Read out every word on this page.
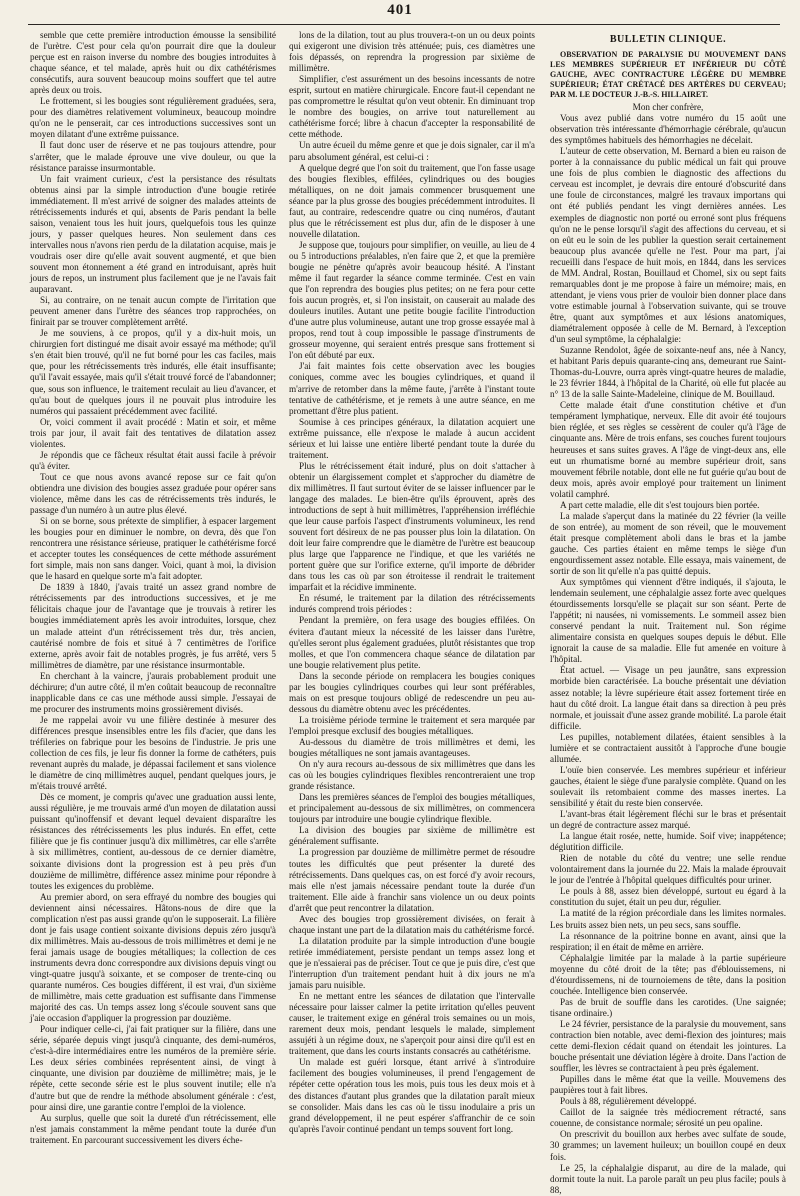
401

semble que cette première introduction émousse la sensibilité de l'urètre. C'est pour cela qu'on pourrait dire que la douleur perçue est en raison inverse du nombre des bougies introduites à chaque séance, et tel malade, après huit ou dix cathétérismes consécutifs, aura souvent beaucoup moins souffert que tel autre après deux ou trois.

Le frottement, si les bougies sont régulièrement graduées, sera, pour des diamètres relativement volumineux, beaucoup moindre qu'on ne le penserait, car ces introductions successives sont un moyen dilatant d'une extrême puissance.

Il faut donc user de réserve et ne pas toujours attendre, pour s'arrêter, que le malade éprouve une vive douleur, ou que la résistance paraisse insurmontable.

Un fait vraiment curieux, c'est la persistance des résultats obtenus ainsi par la simple introduction d'une bougie retirée immédiatement. Il m'est arrivé de soigner des malades atteints de rétrécissements indurés et qui, absents de Paris pendant la belle saison, venaient tous les huit jours, quelquefois tous les quinze jours, y passer quelques heures. Non seulement dans ces intervalles nous n'avons rien perdu de la dilatation acquise, mais je voudrais oser dire qu'elle avait souvent augmenté, et que bien souvent mon étonnement a été grand en introduisant, après huit jours de repos, un instrument plus facilement que je ne l'avais fait auparavant.

Si, au contraire, on ne tenait aucun compte de l'irritation que peuvent amener dans l'urètre des séances trop rapprochées, on finirait par se trouver complètement arrêté.

Je me souviens, à ce propos, qu'il y a dix-huit mois, un chirurgien fort distingué me disait avoir essayé ma méthode; qu'il s'en était bien trouvé, qu'il ne fut borné pour les cas faciles, mais que, pour les rétrécissements très indurés, elle était insuffisante; qu'il l'avait essayée, mais qu'il s'était trouvé forcé de l'abandonner; que, sous son influence, le traitement reculait au lieu d'avancer, et qu'au bout de quelques jours il ne pouvait plus introduire les numéros qui passaient précédemment avec facilité.

Or, voici comment il avait procédé : Matin et soir, et même trois par jour, il avait fait des tentatives de dilatation assez violentes.

Je répondis que ce fâcheux résultat était aussi facile à prévoir qu'à éviter.

Tout ce que nous avons avancé repose sur ce fait qu'on obtiendra une division des bougies assez graduée pour opérer sans violence, même dans les cas de rétrécissements très indurés, le passage d'un numéro à un autre plus élevé.

Si on se borne, sous prétexte de simplifier, à espacer largement les bougies pour en diminuer le nombre, on devra, dès que l'on rencontrera une résistance sérieuse, pratiquer le cathétérisme forcé et accepter toutes les conséquences de cette méthode assurément fort simple, mais non sans danger. Voici, quant à moi, la division que le hasard en quelque sorte m'a fait adopter.

De 1839 à 1840, j'avais traité un assez grand nombre de rétrécissements par des introductions successives, et je me félicitais chaque jour de l'avantage que je trouvais à retirer les bougies immédiatement après les avoir introduites, lorsque, chez un malade atteint d'un rétrécissement très dur, très ancien, cautérisé nombre de fois et situé à 7 centimètres de l'orifice externe, après avoir fait de notables progrès, je fus arrêté, vers 5 millimètres de diamètre, par une résistance insurmontable.

En cherchant à la vaincre, j'aurais probablement produit une déchirure; d'un autre côté, il m'en coûtait beaucoup de reconnaître inapplicable dans ce cas une méthode aussi simple. J'essayai de me procurer des instruments moins grossièrement divisés.

Je me rappelai avoir vu une filière destinée à mesurer des différences presque insensibles entre les fils d'acier, que dans les tréfileries on fabrique pour les besoins de l'industrie. Je pris une collection de ces fils, je leur fis donner la forme de cathéters, puis revenant auprès du malade, je dépassai facilement et sans violence le diamètre de cinq millimètres auquel, pendant quelques jours, je m'étais trouvé arrêté.

Dès ce moment, je compris qu'avec une graduation aussi lente, aussi régulière, je me trouvais armé d'un moyen de dilatation aussi puissant qu'inoffensif et devant lequel devaient disparaître les résistances des rétrécissements les plus indurés. En effet, cette filière que je fis continuer jusqu'à dix millimètres, car elle s'arrête à six millimètres, contient, au-dessous de ce dernier diamètre, soixante divisions dont la progression est à peu près d'un douzième de millimètre, différence assez minime pour répondre à toutes les exigences du problème.

Au premier abord, on sera effrayé du nombre des bougies qui deviennent ainsi nécessaires. Hâtons-nous de dire que la complication n'est pas aussi grande qu'on le supposerait. La filière dont je fais usage contient soixante divisions depuis zéro jusqu'à dix millimètres. Mais au-dessous de trois millimètres et demi je ne ferai jamais usage de bougies métalliques; la collection de ces instruments devra donc correspondre aux divisions depuis vingt ou vingt-quatre jusqu'à soixante, et se composer de trente-cinq ou quarante numéros. Ces bougies différent, il est vrai, d'un sixième de millimètre, mais cette graduation est suffisante dans l'immense majorité des cas. Un temps assez long s'écoule souvent sans que j'aie occasion d'appliquer la progression par douzième.

Pour indiquer celle-ci, j'ai fait pratiquer sur la filière, dans une série, séparée depuis vingt jusqu'à cinquante, des demi-numéros, c'est-à-dire intermédiaires entre les numéros de la première série. Les deux séries combinées représentent ainsi, de vingt à cinquante, une division par douzième de millimètre; mais, je le répète, cette seconde série est le plus souvent inutile; elle n'a d'autre but que de rendre la méthode absolument générale : c'est, pour ainsi dire, une garantie contre l'emploi de la violence.

Au surplus, quelle que soit la dureté d'un rétrécissement, elle n'est jamais constamment la même pendant toute la durée d'un traitement. En parcourant successivement les divers éche-

lons de la dilation, tout au plus trouvera-t-on un ou deux points qui exigeront une division très atténuée; puis, ces diamètres une fois dépassés, on reprendra la progression par sixième de millimètre.

Simplifier, c'est assurément un des besoins incessants de notre esprit, surtout en matière chirurgicale. Encore faut-il cependant ne pas compromettre le résultat qu'on veut obtenir. En diminuant trop le nombre des bougies, on arrive tout naturellement au cathétérisme forcé; libre à chacun d'accepter la responsabilité de cette méthode.

Un autre écueil du même genre et que je dois signaler, car il m'a paru absolument général, est celui-ci :

A quelque degré que l'on soit du traitement, que l'on fasse usage des bougies flexibles, effilées, cylindriques ou des bougies métalliques, on ne doit jamais commencer brusquement une séance par la plus grosse des bougies précédemment introduites. Il faut, au contraire, redescendre quatre ou cinq numéros, d'autant plus que le rétrécissement est plus dur, afin de le disposer à une nouvelle dilatation.

Je suppose que, toujours pour simplifier, on veuille, au lieu de 4 ou 5 introductions préalables, n'en faire que 2, et que la première bougie ne pénètre qu'après avoir beaucoup hésité. A l'instant même il faut regarder la séance comme terminée. C'est en vain que l'on reprendra des bougies plus petites; on ne fera pour cette fois aucun progrès, et, si l'on insistait, on causerait au malade des douleurs inutiles. Autant une petite bougie facilite l'introduction d'une autre plus volumineuse, autant une trop grosse essayée mal à propos, rend tout à coup impossible le passage d'instruments de grosseur moyenne, qui seraient entrés presque sans frottement si l'on eût débuté par eux.

J'ai fait maintes fois cette observation avec les bougies coniques, comme avec les bougies cylindriques, et quand il m'arrive de retomber dans la même faute, j'arrête à l'instant toute tentative de cathétérisme, et je remets à une autre séance, en me promettant d'être plus patient.

Soumise à ces principes généraux, la dilatation acquiert une extrême puissance, elle n'expose le malade à aucun accident sérieux et lui laisse une entière liberté pendant toute la durée du traitement.

Plus le rétrécissement était induré, plus on doit s'attacher à obtenir un élargissement complet et s'approcher du diamètre de dix millimètres. Il faut surtout éviter de se laisser influencer par le langage des malades. Le bien-être qu'ils éprouvent, après des introductions de sept à huit millimètres, l'appréhension irréfléchie que leur cause parfois l'aspect d'instruments volumineux, les rend souvent fort désireux de ne pas pousser plus loin la dilatation. On doit leur faire comprendre que le diamètre de l'urètre est beaucoup plus large que l'apparence ne l'indique, et que les variétés ne portent guère que sur l'orifice externe, qu'il importe de débrider dans tous les cas où par son étroitesse il rendrait le traitement imparfait et la récidive imminente.

En résumé, le traitement par la dilation des rétrécissements indurés comprend trois périodes :

Pendant la première, on fera usage des bougies effilées. On évitera d'autant mieux la nécessité de les laisser dans l'urètre, qu'elles seront plus également graduées, plutôt résistantes que trop molles, et que l'on commencera chaque séance de dilatation par une bougie relativement plus petite.

Dans la seconde période on remplacera les bougies coniques par les bougies cylindriques courbes qui leur sont préférables, mais on est presque toujours obligé de redescendre un peu au-dessous du diamètre obtenu avec les précédentes.

La troisième période termine le traitement et sera marquée par l'emploi presque exclusif des bougies métalliques.

Au-dessous du diamètre de trois millimètres et demi, les bougies métalliques ne sont jamais avantageuses.

On n'y aura recours au-dessous de six millimètres que dans les cas où les bougies cylindriques flexibles rencontreraient une trop grande résistance.

Dans les premières séances de l'emploi des bougies métalliques, et principalement au-dessous de six millimètres, on commencera toujours par introduire une bougie cylindrique flexible.

La division des bougies par sixième de millimètre est généralement suffisante.

La progression par douzième de millimètre permet de résoudre toutes les difficultés que peut présenter la dureté des rétrécissements. Dans quelques cas, on est forcé d'y avoir recours, mais elle n'est jamais nécessaire pendant toute la durée d'un traitement. Elle aide à franchir sans violence un ou deux points d'arrêt que peut rencontrer la dilatation.

Avec des bougies trop grossièrement divisées, on ferait à chaque instant une part de la dilatation mais du cathétérisme forcé.

La dilatation produite par la simple introduction d'une bougie retirée immédiatement, persiste pendant un temps assez long et que je n'essaierai pas de préciser. Tout ce que je puis dire, c'est que l'interruption d'un traitement pendant huit à dix jours ne m'a jamais paru nuisible.

En ne mettant entre les séances de dilatation que l'intervalle nécessaire pour laisser calmer la petite irritation qu'elles peuvent causer, le traitement exige en général trois semaines ou un mois, rarement deux mois, pendant lesquels le malade, simplement assujéti à un régime doux, ne s'aperçoit pour ainsi dire qu'il est en traitement, que dans les courts instants consacrés au cathétérisme.

Un malade est guéri lorsque, étant arrivé à s'introduire facilement des bougies volumineuses, il prend l'engagement de répéter cette opération tous les mois, puis tous les deux mois et à des distances d'autant plus grandes que la dilatation paraît mieux se consolider. Mais dans les cas où le tissu inodulaire a pris un grand développement, il ne peut espérer s'affranchir de ce soin qu'après l'avoir continué pendant un temps souvent fort long.

BULLETIN CLINIQUE.
OBSERVATION DE PARALYSIE DU MOUVEMENT DANS LES MEMBRES SUPÉRIEUR ET INFÉRIEUR DU CÔTÉ GAUCHE, AVEC CONTRACTURE LÉGÈRE DU MEMBRE SUPÉRIEUR; ÉTAT CRÉTACÉ DES ARTÈRES DU CERVEAU; PAR M. LE DOCTEUR J.-B.-S. HILLAIRET.

Mon cher confrère,

Vous avez publié dans votre numéro du 15 août une observation très intéressante d'hémorrhagie cérébrale, qu'aucun des symptômes habituels des hémorrhagies ne décelait.

L'auteur de cette observation, M. Bernard a bien eu raison de porter à la connaissance du public médical un fait qui prouve une fois de plus combien le diagnostic des affections du cerveau est incomplet, je devrais dire entouré d'obscurité dans une foule de circonstances, malgré les travaux importans qui ont été publiés pendant les vingt dernières années. Les exemples de diagnostic non porté ou erroné sont plus fréquens qu'on ne le pense lorsqu'il s'agit des affections du cerveau, et si on eût eu le soin de les publier la question serait certainement beaucoup plus avancée qu'elle ne l'est. Pour ma part, j'ai recueilli dans l'espace de huit mois, en 1844, dans les services de MM. Andral, Rostan, Bouillaud et Chomel, six ou sept faits remarquables dont je me propose à faire un mémoire; mais, en attendant, je viens vous prier de vouloir bien donner place dans votre estimable journal à l'observation suivante, qui se trouve être, quant aux symptômes et aux lésions anatomiques, diamétralement opposée à celle de M. Bernard, à l'exception d'un seul symptôme, la céphalalgie:

Suzanne Rendolot, âgée de soixante-neuf ans, née à Nancy, et habitant Paris depuis quarante-cinq ans, demeurant rue Saint-Thomas-du-Louvre, ourra après vingt-quatre heures de maladie, le 23 février 1844, à l'hôpital de la Charité, où elle fut placée au n° 13 de la salle Sainte-Madeleine, clinique de M. Bouillaud.

Cette malade était d'une constitution chétive et d'un tempérament lymphatique, nerveux. Elle dit avoir été toujours bien réglée, et ses règles se cessèrent de couler qu'à l'âge de cinquante ans. Mère de trois enfans, ses couches furent toujours heureuses et sans suites graves. A l'âge de vingt-deux ans, elle eut un rhumatisme borné au membre supérieur droit, sans mouvement fébrile notable, dont elle ne fut guérie qu'au bout de deux mois, après avoir employé pour traitement un liniment volatil camphré.

A part cette maladie, elle dit s'est toujours bien portée.

La malade s'aperçut dans la matinée du 22 février (la veille de son entrée), au moment de son réveil, que le mouvement était presque complètement aboli dans le bras et la jambe gauche. Ces parties étaient en même temps le siège d'un engourdissement assez notable. Elle essaya, mais vainement, de sortir de son lit qu'elle n'a pas quitté depuis.

Aux symptômes qui viennent d'être indiqués, il s'ajouta, le lendemain seulement, une céphalalgie assez forte avec quelques étourdissements lorsqu'elle se plaçait sur son séant. Perte de l'appétit; ni nausées, ni vomissements. Le sommeil assez bien conservé pendant la nuit. Traitement nul. Son régime alimentaire consista en quelques soupes depuis le début. Elle ignorait la cause de sa maladie. Elle fut amenée en voiture à l'hôpital.

État actuel. — Visage un peu jaunâtre, sans expression morbide bien caractérisée. La bouche présentait une déviation assez notable; la lèvre supérieure était assez fortement tirée en haut du côté droit. La langue était dans sa direction à peu près normale, et jouissait d'une assez grande mobilité. La parole était difficile.

Les pupilles, notablement dilatées, étaient sensibles à la lumière et se contractaient aussitôt à l'approche d'une bougie allumée.

L'ouïe bien conservée. Les membres supérieur et inférieur gauches, étaient le siège d'une paralysie complète. Quand on les soulevait ils retombaient comme des masses inertes. La sensibilité y était du reste bien conservée.

L'avant-bras était légèrement fléchi sur le bras et présentait un degré de contracture assez marqué.

La langue était rosée, nette, humide. Soif vive; inappétence; déglutition difficile.

Rien de notable du côté du ventre; une selle rendue volontairement dans la journée du 22. Mais la malade éprouvait le jour de l'entrée à l'hôpital quelques difficultés pour uriner.

Le pouls à 88, assez bien développé, surtout eu égard à la constitution du sujet, était un peu dur, régulier.

La matité de la région précordiale dans les limites normales. Les bruits assez bien nets, un peu secs, sans souffle.

La résonnance de la poitrine bonne en avant, ainsi que la respiration; il en était de même en arrière.

Céphalalgie limitée par la malade à la partie supérieure moyenne du côté droit de la tête; pas d'éblouissemens, ni d'étourdissemens, ni de tournoiemens de tête, dans la position couchée. Intelligence bien conservée.

Pas de bruit de souffle dans les carotides. (Une saignée; tisane ordinaire.)

Le 24 février, persistance de la paralysie du mouvement, sans contraction bien notable, avec demi-flexion des jointures; mais cette demi-flexion cédait quand on étendait les jointures. La bouche présentait une déviation légère à droite. Dans l'action de souffler, les lèvres se contractaient à peu près également.

Pupilles dans le même état que la veille. Mouvemens des paupières tout à fait libres.

Pouls à 88, régulièrement développé.

Caillot de la saignée très médiocrement rétracté, sans couenne, de consistance normale; sérosité un peu opaline.

On prescrivit du bouillon aux herbes avec sulfate de soude, 30 grammes; un lavement huileux; un bouillon coupé en deux fois.

Le 25, la céphalalgie disparut, au dire de la malade, qui dormit toute la nuit. La parole paraît un peu plus facile; pouls à 88,
